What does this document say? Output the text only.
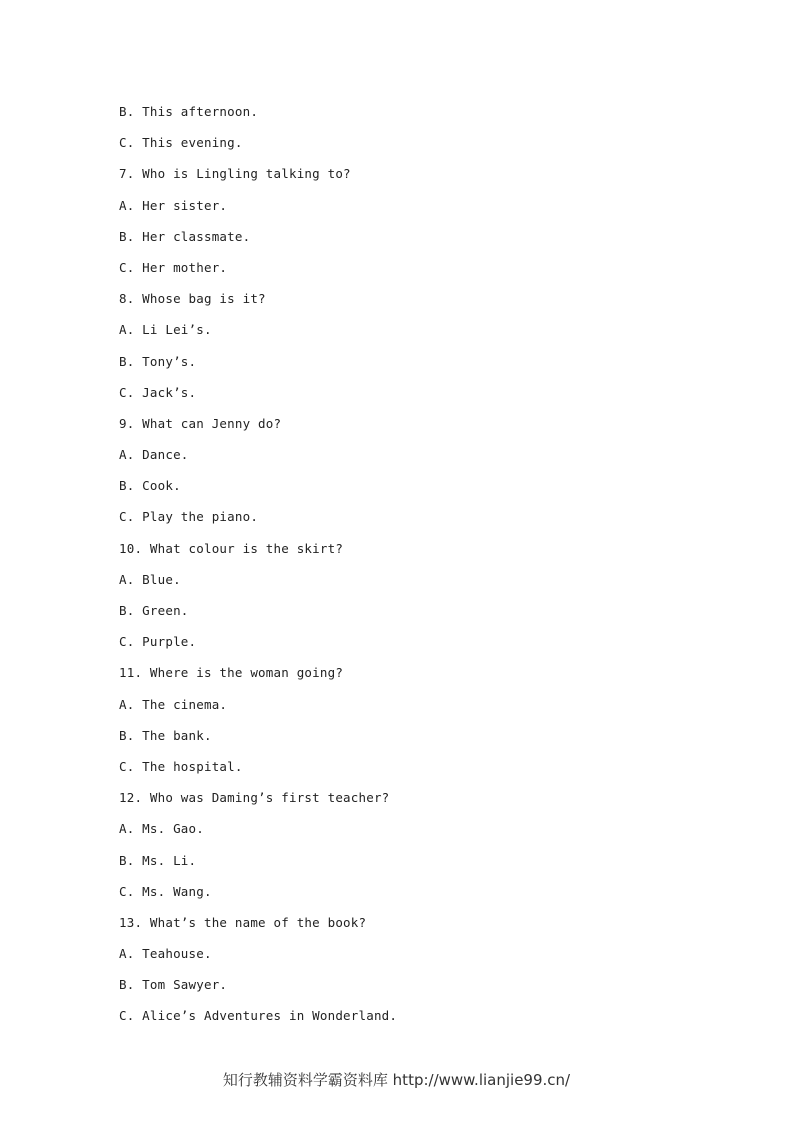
B. This afternoon.
C. This evening.
7. Who is Lingling talking to?
A. Her sister.
B. Her classmate.
C. Her mother.
8. Whose bag is it?
A. Li Lei’s.
B. Tony’s.
C. Jack’s.
9. What can Jenny do?
A. Dance.
B. Cook.
C. Play the piano.
10. What colour is the skirt?
A. Blue.
B. Green.
C. Purple.
11. Where is the woman going?
A. The cinema.
B. The bank.
C. The hospital.
12. Who was Daming’s first teacher?
A. Ms. Gao.
B. Ms. Li.
C. Ms. Wang.
13. What’s the name of the book?
A. Teahouse.
B. Tom Sawyer.
C. Alice’s Adventures in Wonderland.
知行教辅资料学霸资料库 http://www.lianjie99.cn/
